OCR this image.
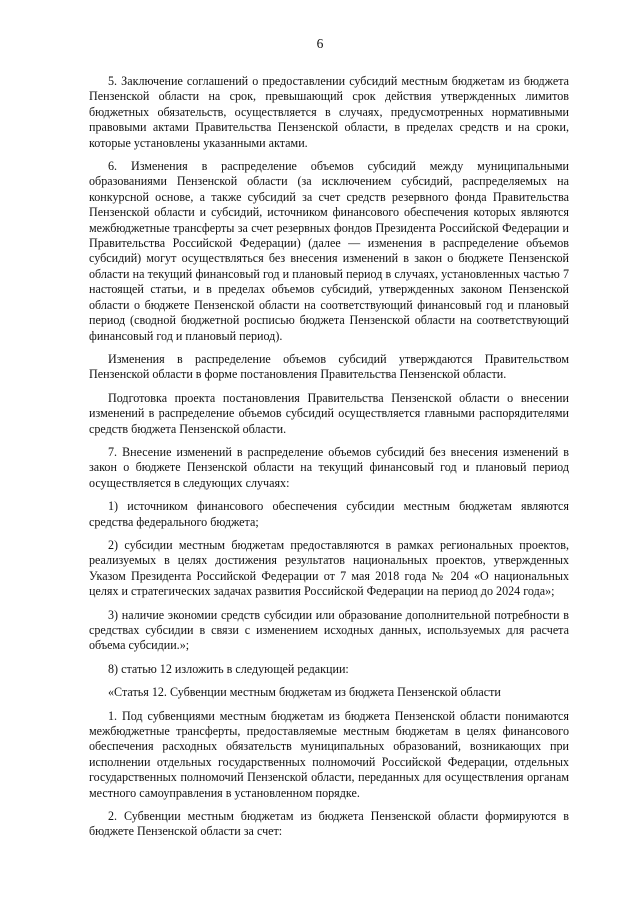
6

5. Заключение соглашений о предоставлении субсидий местным бюджетам из бюджета Пензенской области на срок, превышающий срок действия утвержденных лимитов бюджетных обязательств, осуществляется в случаях, предусмотренных нормативными правовыми актами Правительства Пензенской области, в пределах средств и на сроки, которые установлены указанными актами.

6. Изменения в распределение объемов субсидий между муниципальными образованиями Пензенской области (за исключением субсидий, распределяемых на конкурсной основе, а также субсидий за счет средств резервного фонда Правительства Пензенской области и субсидий, источником финансового обеспечения которых являются межбюджетные трансферты за счет резервных фондов Президента Российской Федерации и Правительства Российской Федерации) (далее — изменения в распределение объемов субсидий) могут осуществляться без внесения изменений в закон о бюджете Пензенской области на текущий финансовый год и плановый период в случаях, установленных частью 7 настоящей статьи, и в пределах объемов субсидий, утвержденных законом Пензенской области о бюджете Пензенской области на соответствующий финансовый год и плановый период (сводной бюджетной росписью бюджета Пензенской области на соответствующий финансовый год и плановый период).

Изменения в распределение объемов субсидий утверждаются Правительством Пензенской области в форме постановления Правительства Пензенской области.

Подготовка проекта постановления Правительства Пензенской области о внесении изменений в распределение объемов субсидий осуществляется главными распорядителями средств бюджета Пензенской области.

7. Внесение изменений в распределение объемов субсидий без внесения изменений в закон о бюджете Пензенской области на текущий финансовый год и плановый период осуществляется в следующих случаях:

1) источником финансового обеспечения субсидии местным бюджетам являются средства федерального бюджета;

2) субсидии местным бюджетам предоставляются в рамках региональных проектов, реализуемых в целях достижения результатов национальных проектов, утвержденных Указом Президента Российской Федерации от 7 мая 2018 года № 204 «О национальных целях и стратегических задачах развития Российской Федерации на период до 2024 года»;

3) наличие экономии средств субсидии или образование дополнительной потребности в средствах субсидии в связи с изменением исходных данных, используемых для расчета объема субсидии.»;

8) статью 12 изложить в следующей редакции:

«Статья 12. Субвенции местным бюджетам из бюджета Пензенской области

1. Под субвенциями местным бюджетам из бюджета Пензенской области понимаются межбюджетные трансферты, предоставляемые местным бюджетам в целях финансового обеспечения расходных обязательств муниципальных образований, возникающих при исполнении отдельных государственных полномочий Российской Федерации, отдельных государственных полномочий Пензенской области, переданных для осуществления органам местного самоуправления в установленном порядке.

2. Субвенции местным бюджетам из бюджета Пензенской области формируются в бюджете Пензенской области за счет:
